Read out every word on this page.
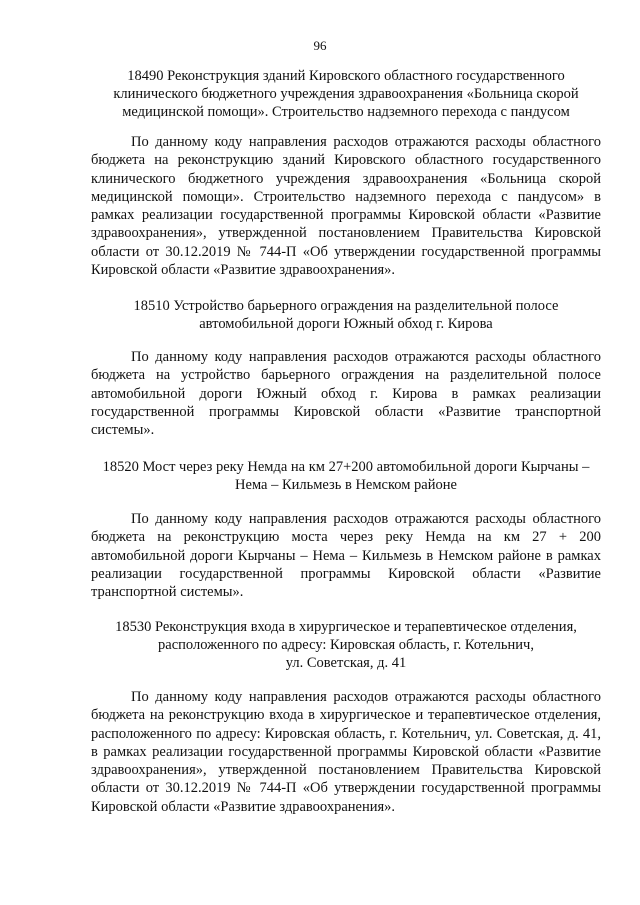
96
18490 Реконструкция зданий Кировского областного государственного
клинического бюджетного учреждения здравоохранения «Больница скорой
медицинской помощи». Строительство надземного перехода с пандусом

По данному коду направления расходов отражаются расходы областного бюджета на реконструкцию зданий Кировского областного государственного клинического бюджетного учреждения здравоохранения «Больница скорой медицинской помощи». Строительство надземного перехода с пандусом» в рамках реализации государственной программы Кировской области «Развитие здравоохранения», утвержденной постановлением Правительства Кировской области от 30.12.2019 № 744-П «Об утверждении государственной программы Кировской области «Развитие здравоохранения».

18510 Устройство барьерного ограждения на разделительной полосе
автомобильной дороги Южный обход г. Кирова

По данному коду направления расходов отражаются расходы областного бюджета на устройство барьерного ограждения на разделительной полосе автомобильной дороги Южный обход г. Кирова в рамках реализации государственной программы Кировской области «Развитие транспортной системы».

18520 Мост через реку Немда на км 27+200 автомобильной дороги Кырчаны –
Нема – Кильмезь в Немском районе

По данному коду направления расходов отражаются расходы областного бюджета на реконструкцию моста через реку Немда на км 27 + 200 автомобильной дороги Кырчаны – Нема – Кильмезь в Немском районе в рамках реализации государственной программы Кировской области «Развитие транспортной системы».

18530 Реконструкция входа в хирургическое и терапевтическое отделения,
расположенного по адресу: Кировская область, г. Котельнич,
ул. Советская, д. 41

По данному коду направления расходов отражаются расходы областного бюджета на реконструкцию входа в хирургическое и терапевтическое отделения, расположенного по адресу: Кировская область, г. Котельнич, ул. Советская, д. 41, в рамках реализации государственной программы Кировской области «Развитие здравоохранения», утвержденной постановлением Правительства Кировской области от 30.12.2019 № 744-П «Об утверждении государственной программы Кировской области «Развитие здравоохранения».
